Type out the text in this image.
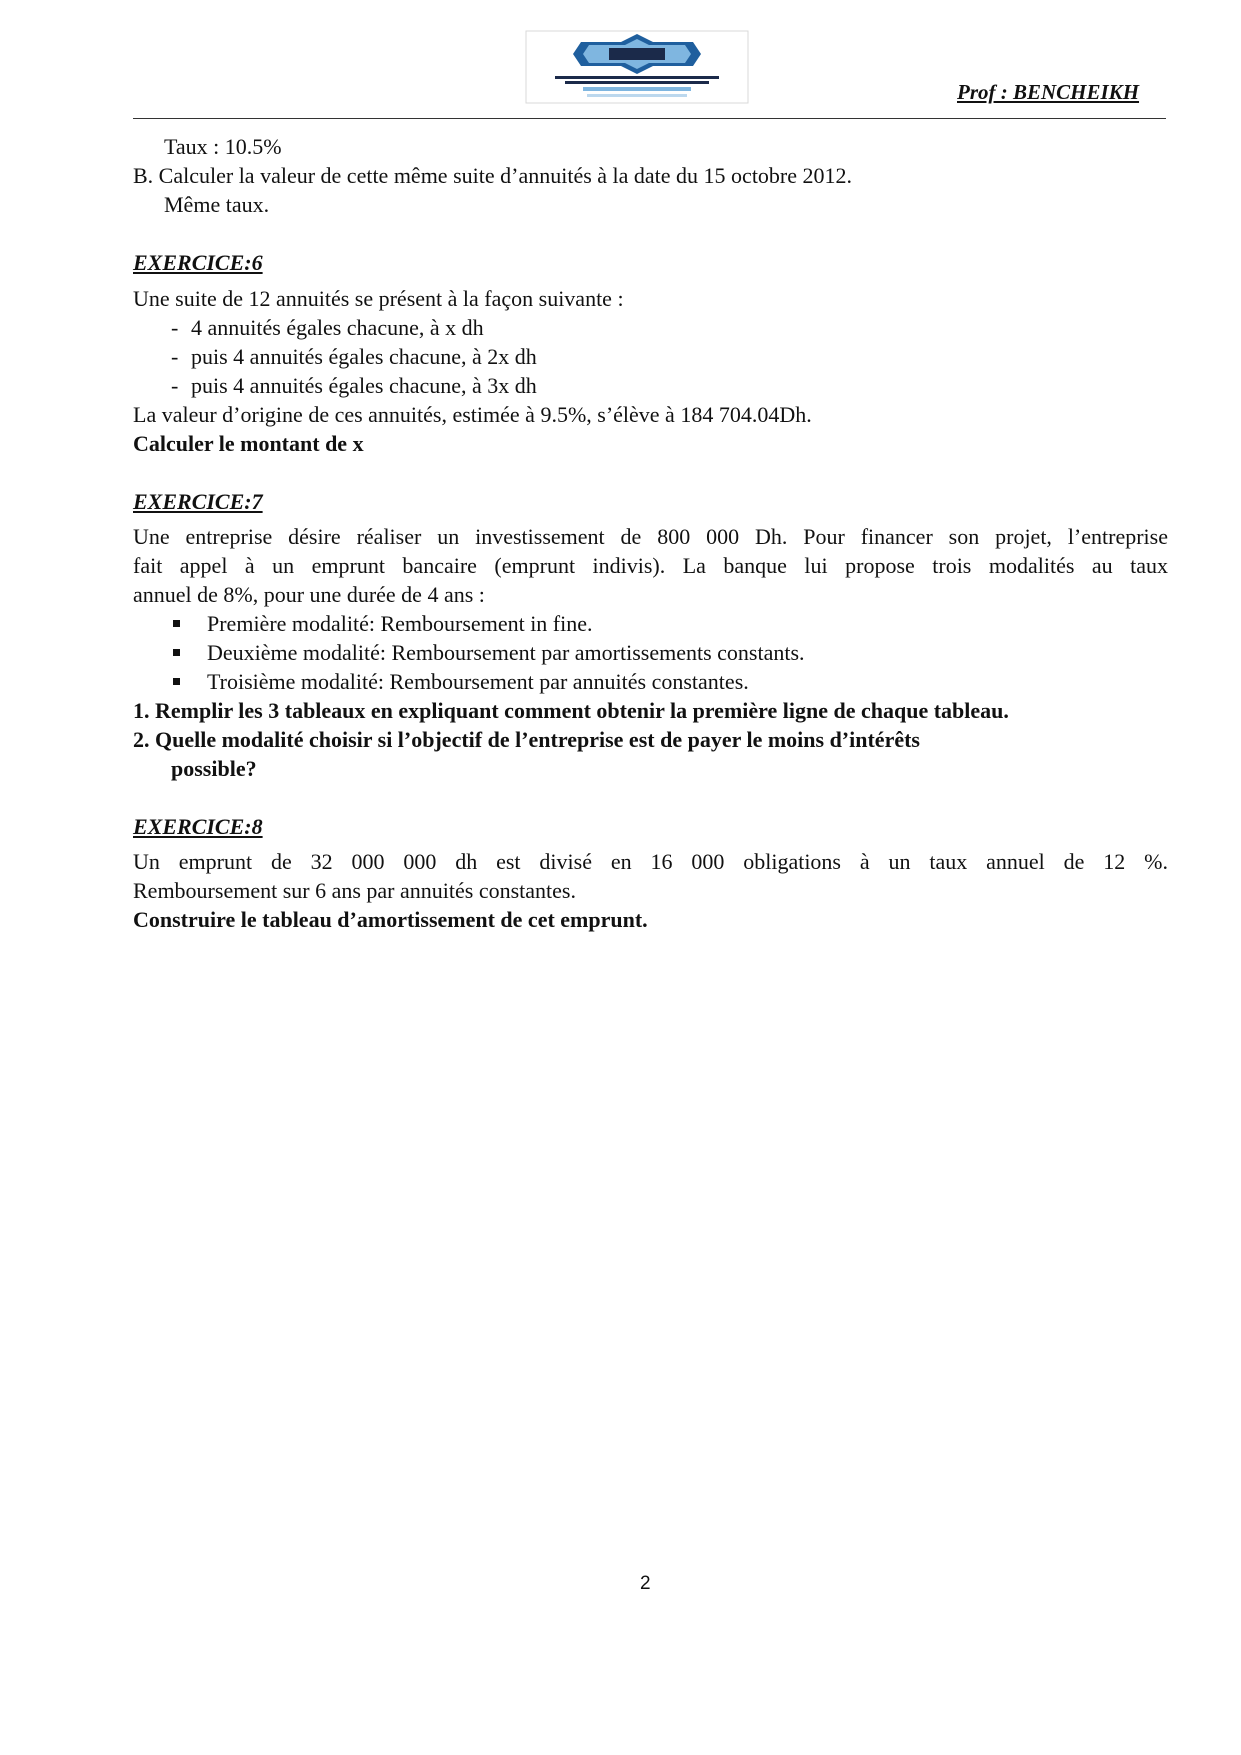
Prof : BENCHEIKH
Taux : 10.5%
B. Calculer la valeur de cette même suite d’annuités à la date du 15 octobre 2012.
Même taux.
EXERCICE:6
Une suite de 12 annuités se présent à la façon suivante :
- 4 annuités égales chacune, à x dh
- puis 4 annuités égales chacune, à 2x dh
- puis 4 annuités égales chacune, à 3x dh
La valeur d’origine de ces annuités, estimée à 9.5%, s’élève à 184 704.04Dh.
Calculer le montant de x
EXERCICE:7
Une entreprise désire réaliser un investissement de 800 000 Dh. Pour financer son projet, l’entreprise
fait appel à un emprunt bancaire (emprunt indivis). La banque lui propose trois modalités au taux
annuel de 8%, pour une durée de 4 ans :
Première modalité: Remboursement in fine.
Deuxième modalité: Remboursement par amortissements constants.
Troisième modalité: Remboursement par annuités constantes.
1. Remplir les 3 tableaux en expliquant comment obtenir la première ligne de chaque tableau.
2. Quelle modalité choisir si l’objectif de l’entreprise est de payer le moins d’intérêts
possible?
EXERCICE:8
Un emprunt de 32 000 000 dh est divisé en 16 000 obligations à un taux annuel de 12 %.
Remboursement sur 6 ans par annuités constantes.
Construire le tableau d’amortissement de cet emprunt.
2
